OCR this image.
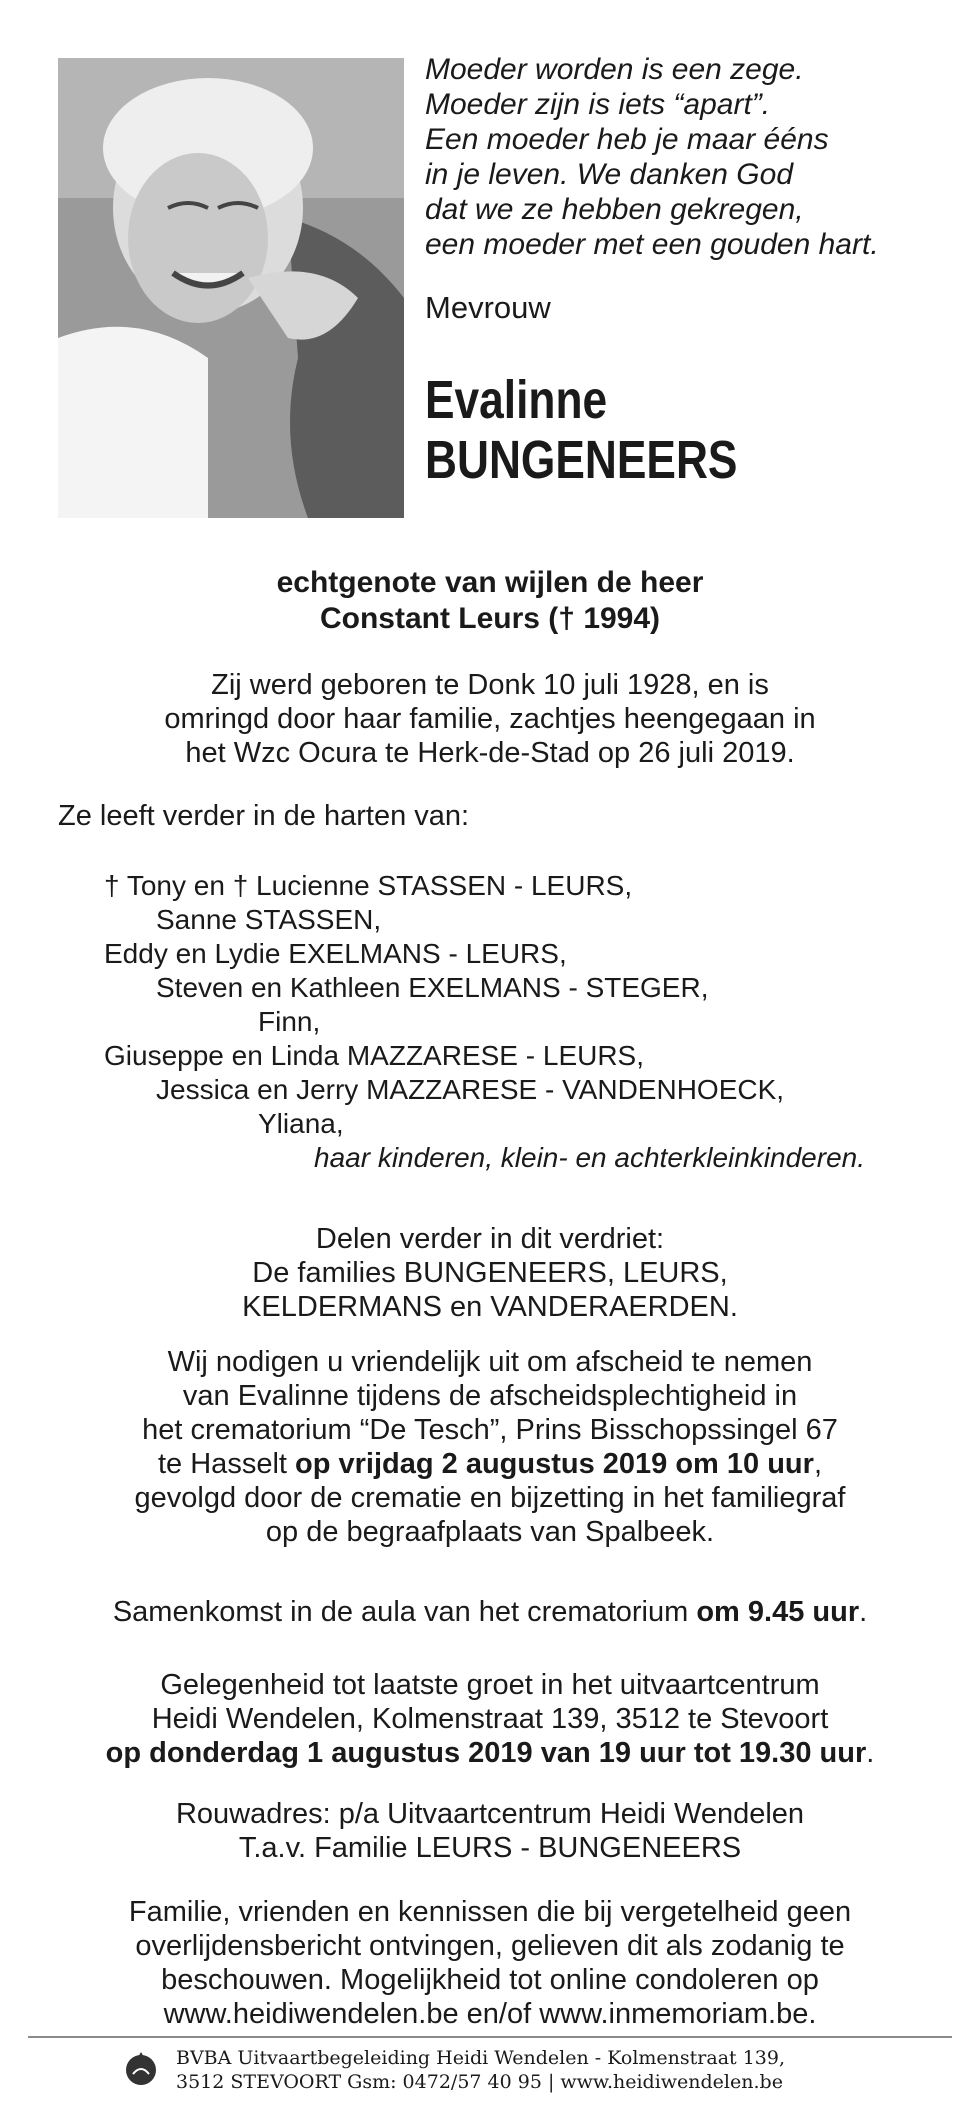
Moeder worden is een zege.
Moeder zijn is iets “apart”.
Een moeder heb je maar ééns
in je leven. We danken God
dat we ze hebben gekregen,
een moeder met een gouden hart.
Mevrouw
Evalinne
BUNGENEERS
echtgenote van wijlen de heer
Constant Leurs († 1994)
Zij werd geboren te Donk 10 juli 1928, en is
omringd door haar familie, zachtjes heengegaan in
het Wzc Ocura te Herk-de-Stad op 26 juli 2019.
Ze leeft verder in de harten van:
† Tony en † Lucienne STASSEN - LEURS,
Sanne STASSEN,
Eddy en Lydie EXELMANS - LEURS,
Steven en Kathleen EXELMANS - STEGER,
Finn,
Giuseppe en Linda MAZZARESE - LEURS,
Jessica en Jerry MAZZARESE - VANDENHOECK,
Yliana,
haar kinderen, klein- en achterkleinkinderen.
Delen verder in dit verdriet:
De families BUNGENEERS, LEURS,
KELDERMANS en VANDERAERDEN.
Wij nodigen u vriendelijk uit om afscheid te nemen
van Evalinne tijdens de afscheidsplechtigheid in
het crematorium “De Tesch”, Prins Bisschopssingel 67
te Hasselt op vrijdag 2 augustus 2019 om 10 uur,
gevolgd door de crematie en bijzetting in het familiegraf
op de begraafplaats van Spalbeek.
Samenkomst in de aula van het crematorium om 9.45 uur.
Gelegenheid tot laatste groet in het uitvaartcentrum
Heidi Wendelen, Kolmenstraat 139, 3512 te Stevoort
op donderdag 1 augustus 2019 van 19 uur tot 19.30 uur.
Rouwadres: p/a Uitvaartcentrum Heidi Wendelen
T.a.v. Familie LEURS - BUNGENEERS
Familie, vrienden en kennissen die bij vergetelheid geen
overlijdensbericht ontvingen, gelieven dit als zodanig te
beschouwen. Mogelijkheid tot online condoleren op
www.heidiwendelen.be en/of www.inmemoriam.be.
BVBA Uitvaartbegeleiding Heidi Wendelen - Kolmenstraat 139,
3512 STEVOORT Gsm: 0472/57 40 95 | www.heidiwendelen.be
